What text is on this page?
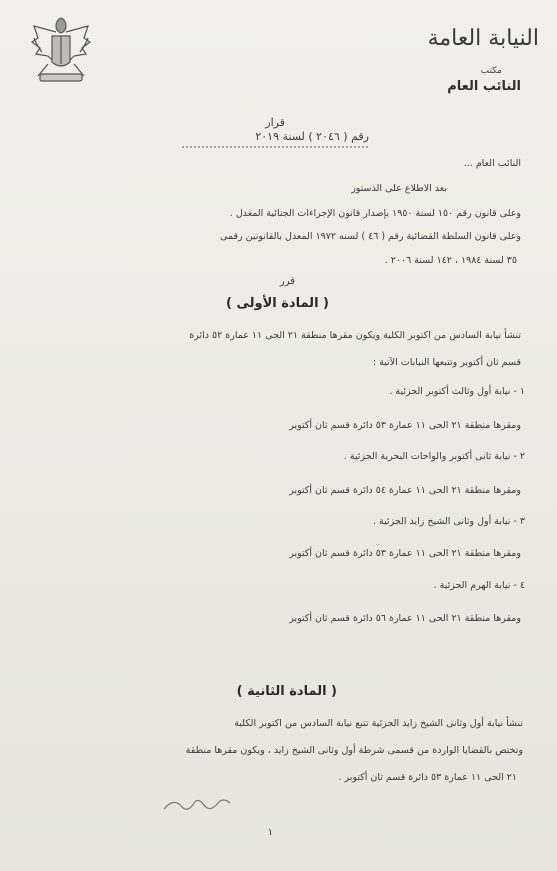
النيابة العامة
مكتب
النائب العام
قرار
رقم ( ٢٠٤٦ ) لسنة ٢٠١٩
النائب العام ...
بعد الاطلاع على الدستور
وعلى قانون رقم ١٥٠ لسنة ١٩٥٠ بإصدار قانون الإجراءات الجنائية المعدل .
وعلى قانون السلطة القضائية رقم ( ٤٦ ) لسنه ١٩٧٢ المعدل بالقانونين رقمى
٣٥ لسنة ١٩٨٤ ، ١٤٢ لسنة ٢٠٠٦ .
قرر
( المادة الأولى )
تنشأ نيابة السادس من اكتوبر الكلية ويكون مقرها منطقة ٢١ الحى ١١ عمارة ٥٢ دائرة
قسم ثان أكتوبر وتتبعها النيابات الآتية :
١ - نيابة أول وثالث أكتوبر الجزئية .
ومقرها منطقة ٢١ الحى ١١ عمارة ٥٣ دائرة قسم ثان أكتوبر
٢ - نيابة ثانى أكتوبر والواحات البحرية الجزئية .
ومقرها منطقة ٢١ الحى ١١ عمارة ٥٤ دائرة قسم ثان أكتوبر
٣ - نيابة أول وثانى الشيخ زايد الجزئية .
ومقرها منطقة ٢١ الحى ١١ عمارة ٥٣ دائرة قسم ثان أكتوبر
٤ - نيابة الهرم الجزئية .
ومقرها منطقة ٢١ الحى ١١ عمارة ٥٦ دائرة قسم ثان أكتوبر
( المادة الثانية )
تنشأ نيابة أول وثانى الشيخ زايد الجزئية تتبع نيابة السادس من اكتوبر الكلية
وتختص بالقضايا الواردة من قسمى شرطة أول وثانى الشيخ زايد ، ويكون مقرها منطقة
٢١ الحى ١١ عمارة ٥٣ دائرة قسم ثان أكتوبر .
١
